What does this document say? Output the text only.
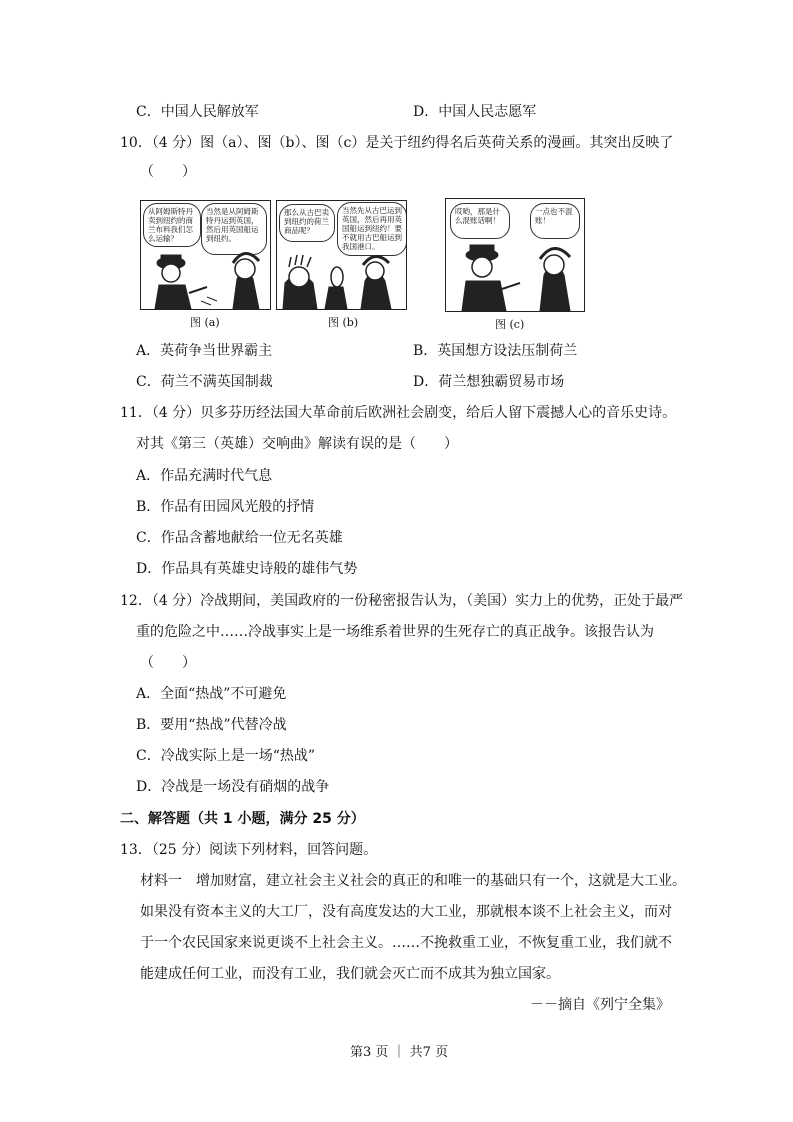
C．中国人民解放军	D．中国人民志愿军
10．（4 分）图（a）、图（b）、图（c）是关于纽约得名后英荷关系的漫画。其突出反映了
（　　）
从阿姆斯特丹卖到纽约的商兰布料我们怎么运输？
当然是从阿姆斯特丹运到英国，然后用英国船运到纽约。
那么从古巴卖到纽约的荷兰商品呢？
当然先从古巴运到英国，然后再用英国船运到纽约！要不就用古巴船运到我国港口。
哎哟，那是什么混账话啊！
一点也不混账！
图 (a)	图 (b)	图 (c)
A．英荷争当世界霸主	B．英国想方设法压制荷兰
C．荷兰不满英国制裁	D．荷兰想独霸贸易市场
11．（4 分）贝多芬历经法国大革命前后欧洲社会剧变，给后人留下震撼人心的音乐史诗。
对其《第三（英雄）交响曲》解读有误的是（　　）
A．作品充满时代气息
B．作品有田园风光般的抒情
C．作品含蓄地献给一位无名英雄
D．作品具有英雄史诗般的雄伟气势
12．（4 分）冷战期间，美国政府的一份秘密报告认为，（美国）实力上的优势，正处于最严
重的危险之中……冷战事实上是一场维系着世界的生死存亡的真正战争。该报告认为
（　　）
A．全面“热战”不可避免
B．要用“热战”代替冷战
C．冷战实际上是一场“热战”
D．冷战是一场没有硝烟的战争
二、解答题（共 1 小题，满分 25 分）
13．（25 分）阅读下列材料，回答问题。
材料一　增加财富，建立社会主义社会的真正的和唯一的基础只有一个，这就是大工业。
如果没有资本主义的大工厂，没有高度发达的大工业，那就根本谈不上社会主义，而对
于一个农民国家来说更谈不上社会主义。……不挽救重工业，不恢复重工业，我们就不
能建成任何工业，而没有工业，我们就会灭亡而不成其为独立国家。
－－摘自《列宁全集》
第3 页 ｜ 共7 页
